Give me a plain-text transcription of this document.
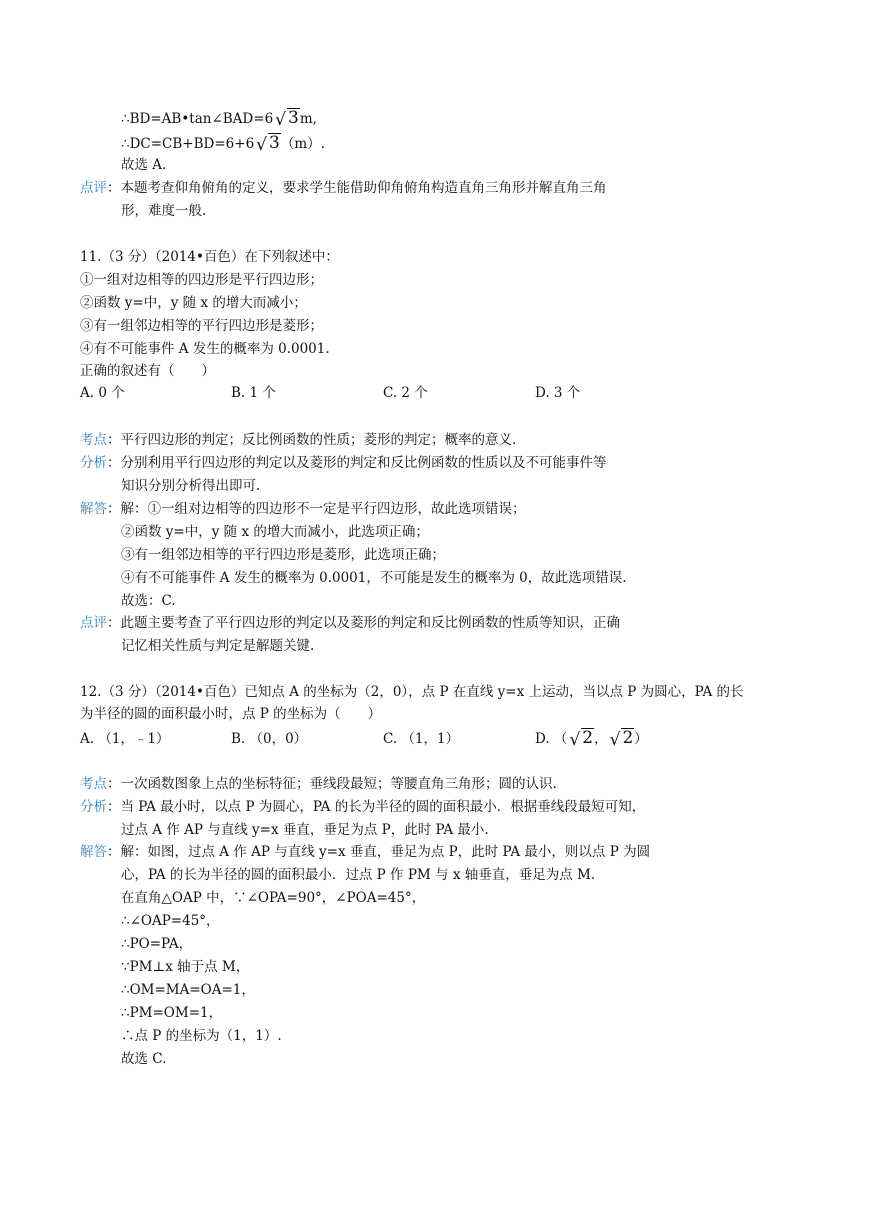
∴BD=AB•tan∠BAD=6 √ 3m,
∴DC=CB+BD=6+6 √ 3（m）.
故选 A.
点评：本题考查仰角俯角的定义，要求学生能借助仰角俯角构造直角三角形并解直角三角
形，难度一般.
11.（3 分）（2014•百色）在下列叙述中：
①一组对边相等的四边形是平行四边形；
②函数 y=中，y 随 x 的增大而减小；
③有一组邻边相等的平行四边形是菱形；
④有不可能事件 A 发生的概率为 0.0001.
正确的叙述有（　　）
A. 0 个	B. 1 个	C. 2 个	D. 3 个
考点：平行四边形的判定；反比例函数的性质；菱形的判定；概率的意义.
分析：分别利用平行四边形的判定以及菱形的判定和反比例函数的性质以及不可能事件等
知识分别分析得出即可.
解答：解：①一组对边相等的四边形不一定是平行四边形，故此选项错误；
②函数 y=中，y 随 x 的增大而减小，此选项正确；
③有一组邻边相等的平行四边形是菱形，此选项正确；
④有不可能事件 A 发生的概率为 0.0001，不可能是发生的概率为 0，故此选项错误.
故选：C.
点评：此题主要考查了平行四边形的判定以及菱形的判定和反比例函数的性质等知识，正确
记忆相关性质与判定是解题关键.
12.（3 分）（2014•百色）已知点 A 的坐标为（2，0），点 P 在直线 y=x 上运动，当以点 P 为圆心，PA 的长
为半径的圆的面积最小时，点 P 的坐标为（　　）
A. （1，﹣1）	B. （0，0）	C. （1，1）	D. （ √ 2， √ 2）
考点：一次函数图象上点的坐标特征；垂线段最短；等腰直角三角形；圆的认识.
分析：当 PA 最小时，以点 P 为圆心，PA 的长为半径的圆的面积最小．根据垂线段最短可知，
过点 A 作 AP 与直线 y=x 垂直，垂足为点 P，此时 PA 最小.
解答：解：如图，过点 A 作 AP 与直线 y=x 垂直，垂足为点 P，此时 PA 最小，则以点 P 为圆
心，PA 的长为半径的圆的面积最小．过点 P 作 PM 与 x 轴垂直，垂足为点 M.
在直角△OAP 中，∵∠OPA=90°，∠POA=45°，
∴∠OAP=45°，
∴PO=PA，
∵PM⊥x 轴于点 M，
∴OM=MA=OA=1，
∴PM=OM=1，
∴点 P 的坐标为（1，1）.
故选 C.
